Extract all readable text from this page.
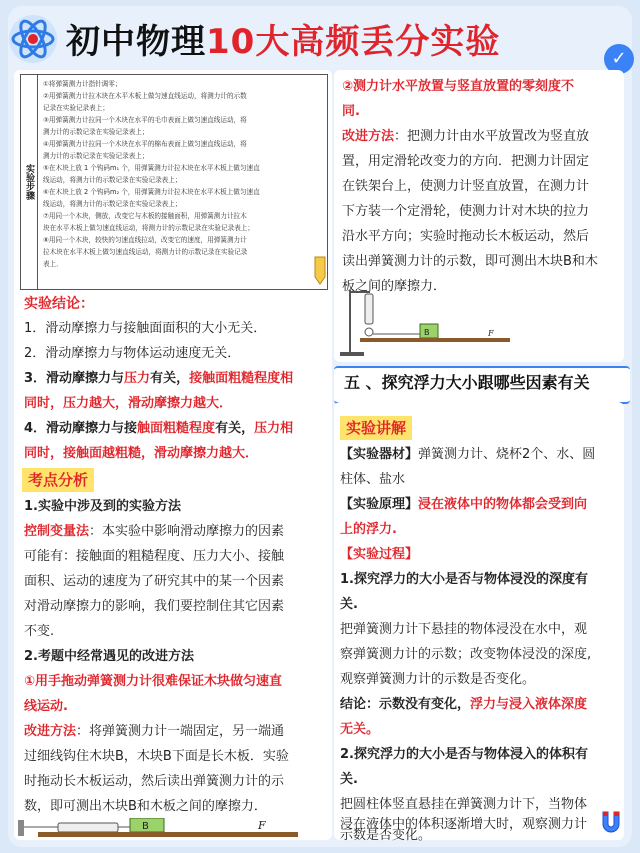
初中物理10大高频丢分实验	✓
实验步骤
①将弹簧测力计指针调零；
②用弹簧测力计拉木块在木平木板上做匀速直线运动，将测力计的示数
记录在实验记录表上；
③用弹簧测力计拉同一个木块在水平的毛巾表面上做匀速直线运动，将
测力计的示数记录在实验记录表上；
④用弹簧测力计拉同一个木块在水平的棉布表面上做匀速直线运动，将
测力计的示数记录在实验记录表上；
⑤在木块上放 1 个钩码m₁ 个，用弹簧测力计拉木块在水平木板上做匀速直
线运动，将测力计的示数记录在实验记录表上；
⑥在木块上放 2 个钩码m₂ 个，用弹簧测力计拉木块在水平木板上做匀速直
线运动，将测力计的示数记录在实验记录表上；
⑦用同一个木块，侧放，改变它与木板的接触面积，用弹簧测力计拉木
块在水平木板上做匀速直线运动，将测力计的示数记录在实验记录表上；
⑧用同一个木块，较快的匀速直线拉动，改变它的速度，用弹簧测力计
拉木块在水平木板上做匀速直线运动，将测力计的示数记录在实验记录
表上．
实验结论：
1．滑动摩擦力与接触面面积的大小无关．
2．滑动摩擦力与物体运动速度无关．
3．滑动摩擦力与压力有关，接触面粗糙程度相
同时，压力越大，滑动摩擦力越大．
4．滑动摩擦力与接触面粗糙程度有关，压力相
同时，接触面越粗糙，滑动摩擦力越大．
考点分析
1.实验中涉及到的实验方法
控制变量法：本实验中影响滑动摩擦力的因素
可能有：接触面的粗糙程度、压力大小、接触
面积、运动的速度为了研究其中的某一个因素
对滑动摩擦力的影响，我们要控制住其它因素
不变.
2.考题中经常遇见的改进方法
①用手拖动弹簧测力计很难保证木块做匀速直
线运动.
改进方法：将弹簧测力计一端固定，另一端通
过细线钩住木块B，木块B下面是长木板．实验
时拖动长木板运动，然后读出弹簧测力计的示
数，即可测出木块B和木板之间的摩擦力．
B	F
②测力计水平放置与竖直放置的零刻度不
同.
改进方法：把测力计由水平放置改为竖直放
置，用定滑轮改变力的方向．把测力计固定
在铁架台上，使测力计竖直放置，在测力计
下方装一个定滑轮，使测力计对木块的拉力
沿水平方向；实验时拖动长木板运动，然后
读出弹簧测力计的示数，即可测出木块B和木
板之间的摩擦力．
B	F
五 、探究浮力大小跟哪些因素有关
实验讲解
【实验器材】弹簧测力计、烧杯2个、水、圆
柱体、盐水
【实验原理】浸在液体中的物体都会受到向
上的浮力.
【实验过程】
1.探究浮力的大小是否与物体浸没的深度有
关.
把弹簧测力计下悬挂的物体浸没在水中，观
察弹簧测力计的示数；改变物体浸没的深度,
观察弹簧测力计的示数是否变化。
结论：示数没有变化，浮力与浸入液体深度
无关。
2.探究浮力的大小是否与物体浸入的体积有
关.
把圆柱体竖直悬挂在弹簧测力计下，当物体
浸在液体中的体积逐渐增大时，观察测力计
示数是否变化。
